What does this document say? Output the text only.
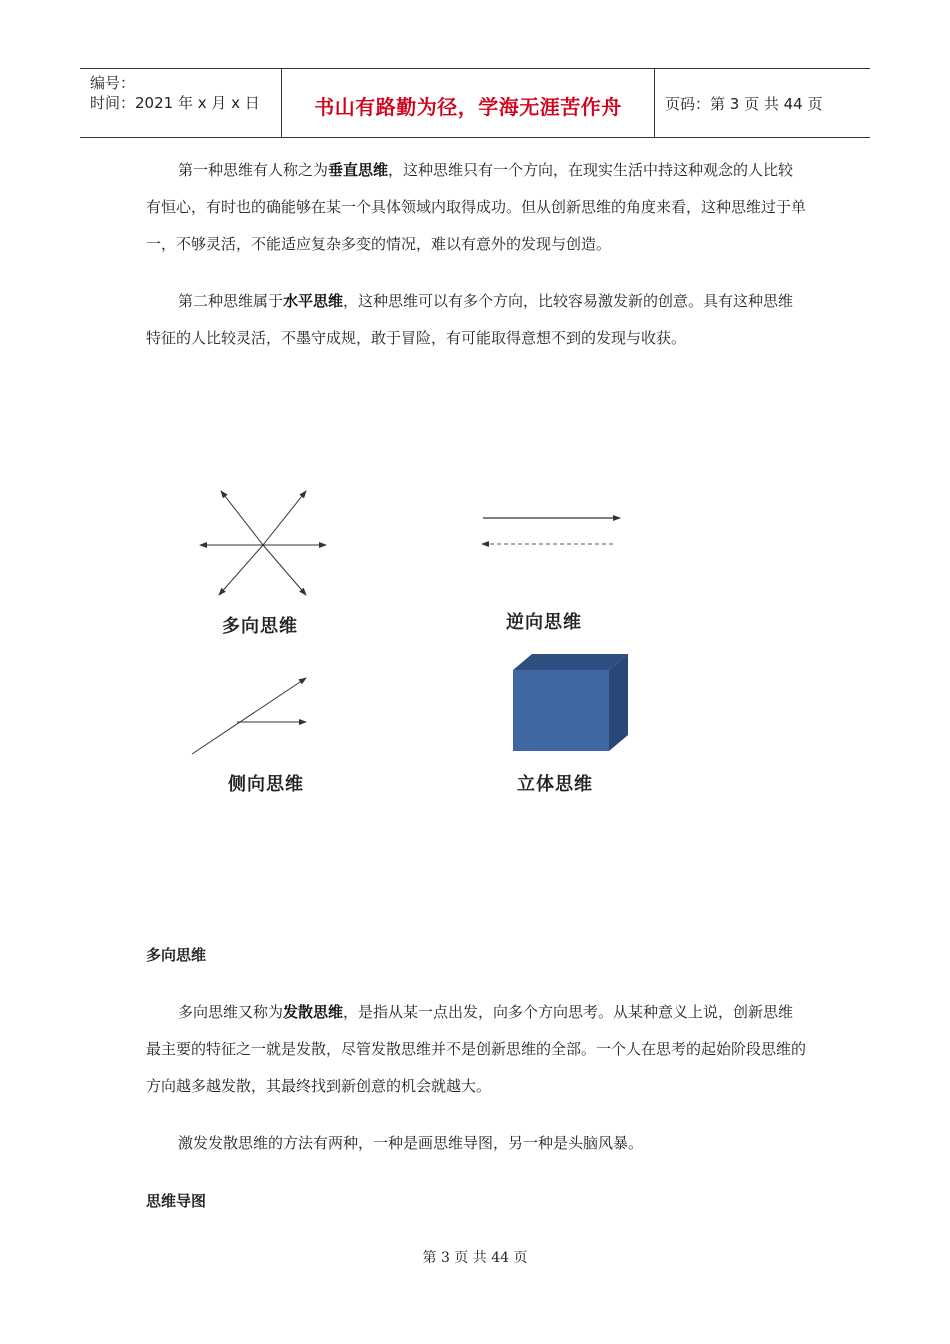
编号：
时间：2021 年 x 月 x 日	书山有路勤为径，学海无涯苦作舟	页码：第 3 页 共 44 页

第一种思维有人称之为垂直思维，这种思维只有一个方向，在现实生活中持这种观念的人比较有恒心，有时也的确能够在某一个具体领域内取得成功。但从创新思维的角度来看，这种思维过于单一，不够灵活，不能适应复杂多变的情况，难以有意外的发现与创造。

第二种思维属于水平思维，这种思维可以有多个方向，比较容易激发新的创意。具有这种思维特征的人比较灵活，不墨守成规，敢于冒险，有可能取得意想不到的发现与收获。

多向思维	逆向思维
侧向思维	立体思维
多向思维

多向思维又称为发散思维，是指从某一点出发，向多个方向思考。从某种意义上说，创新思维最主要的特征之一就是发散，尽管发散思维并不是创新思维的全部。一个人在思考的起始阶段思维的方向越多越发散，其最终找到新创意的机会就越大。

激发发散思维的方法有两种，一种是画思维导图，另一种是头脑风暴。

思维导图
第 3 页 共 44 页
